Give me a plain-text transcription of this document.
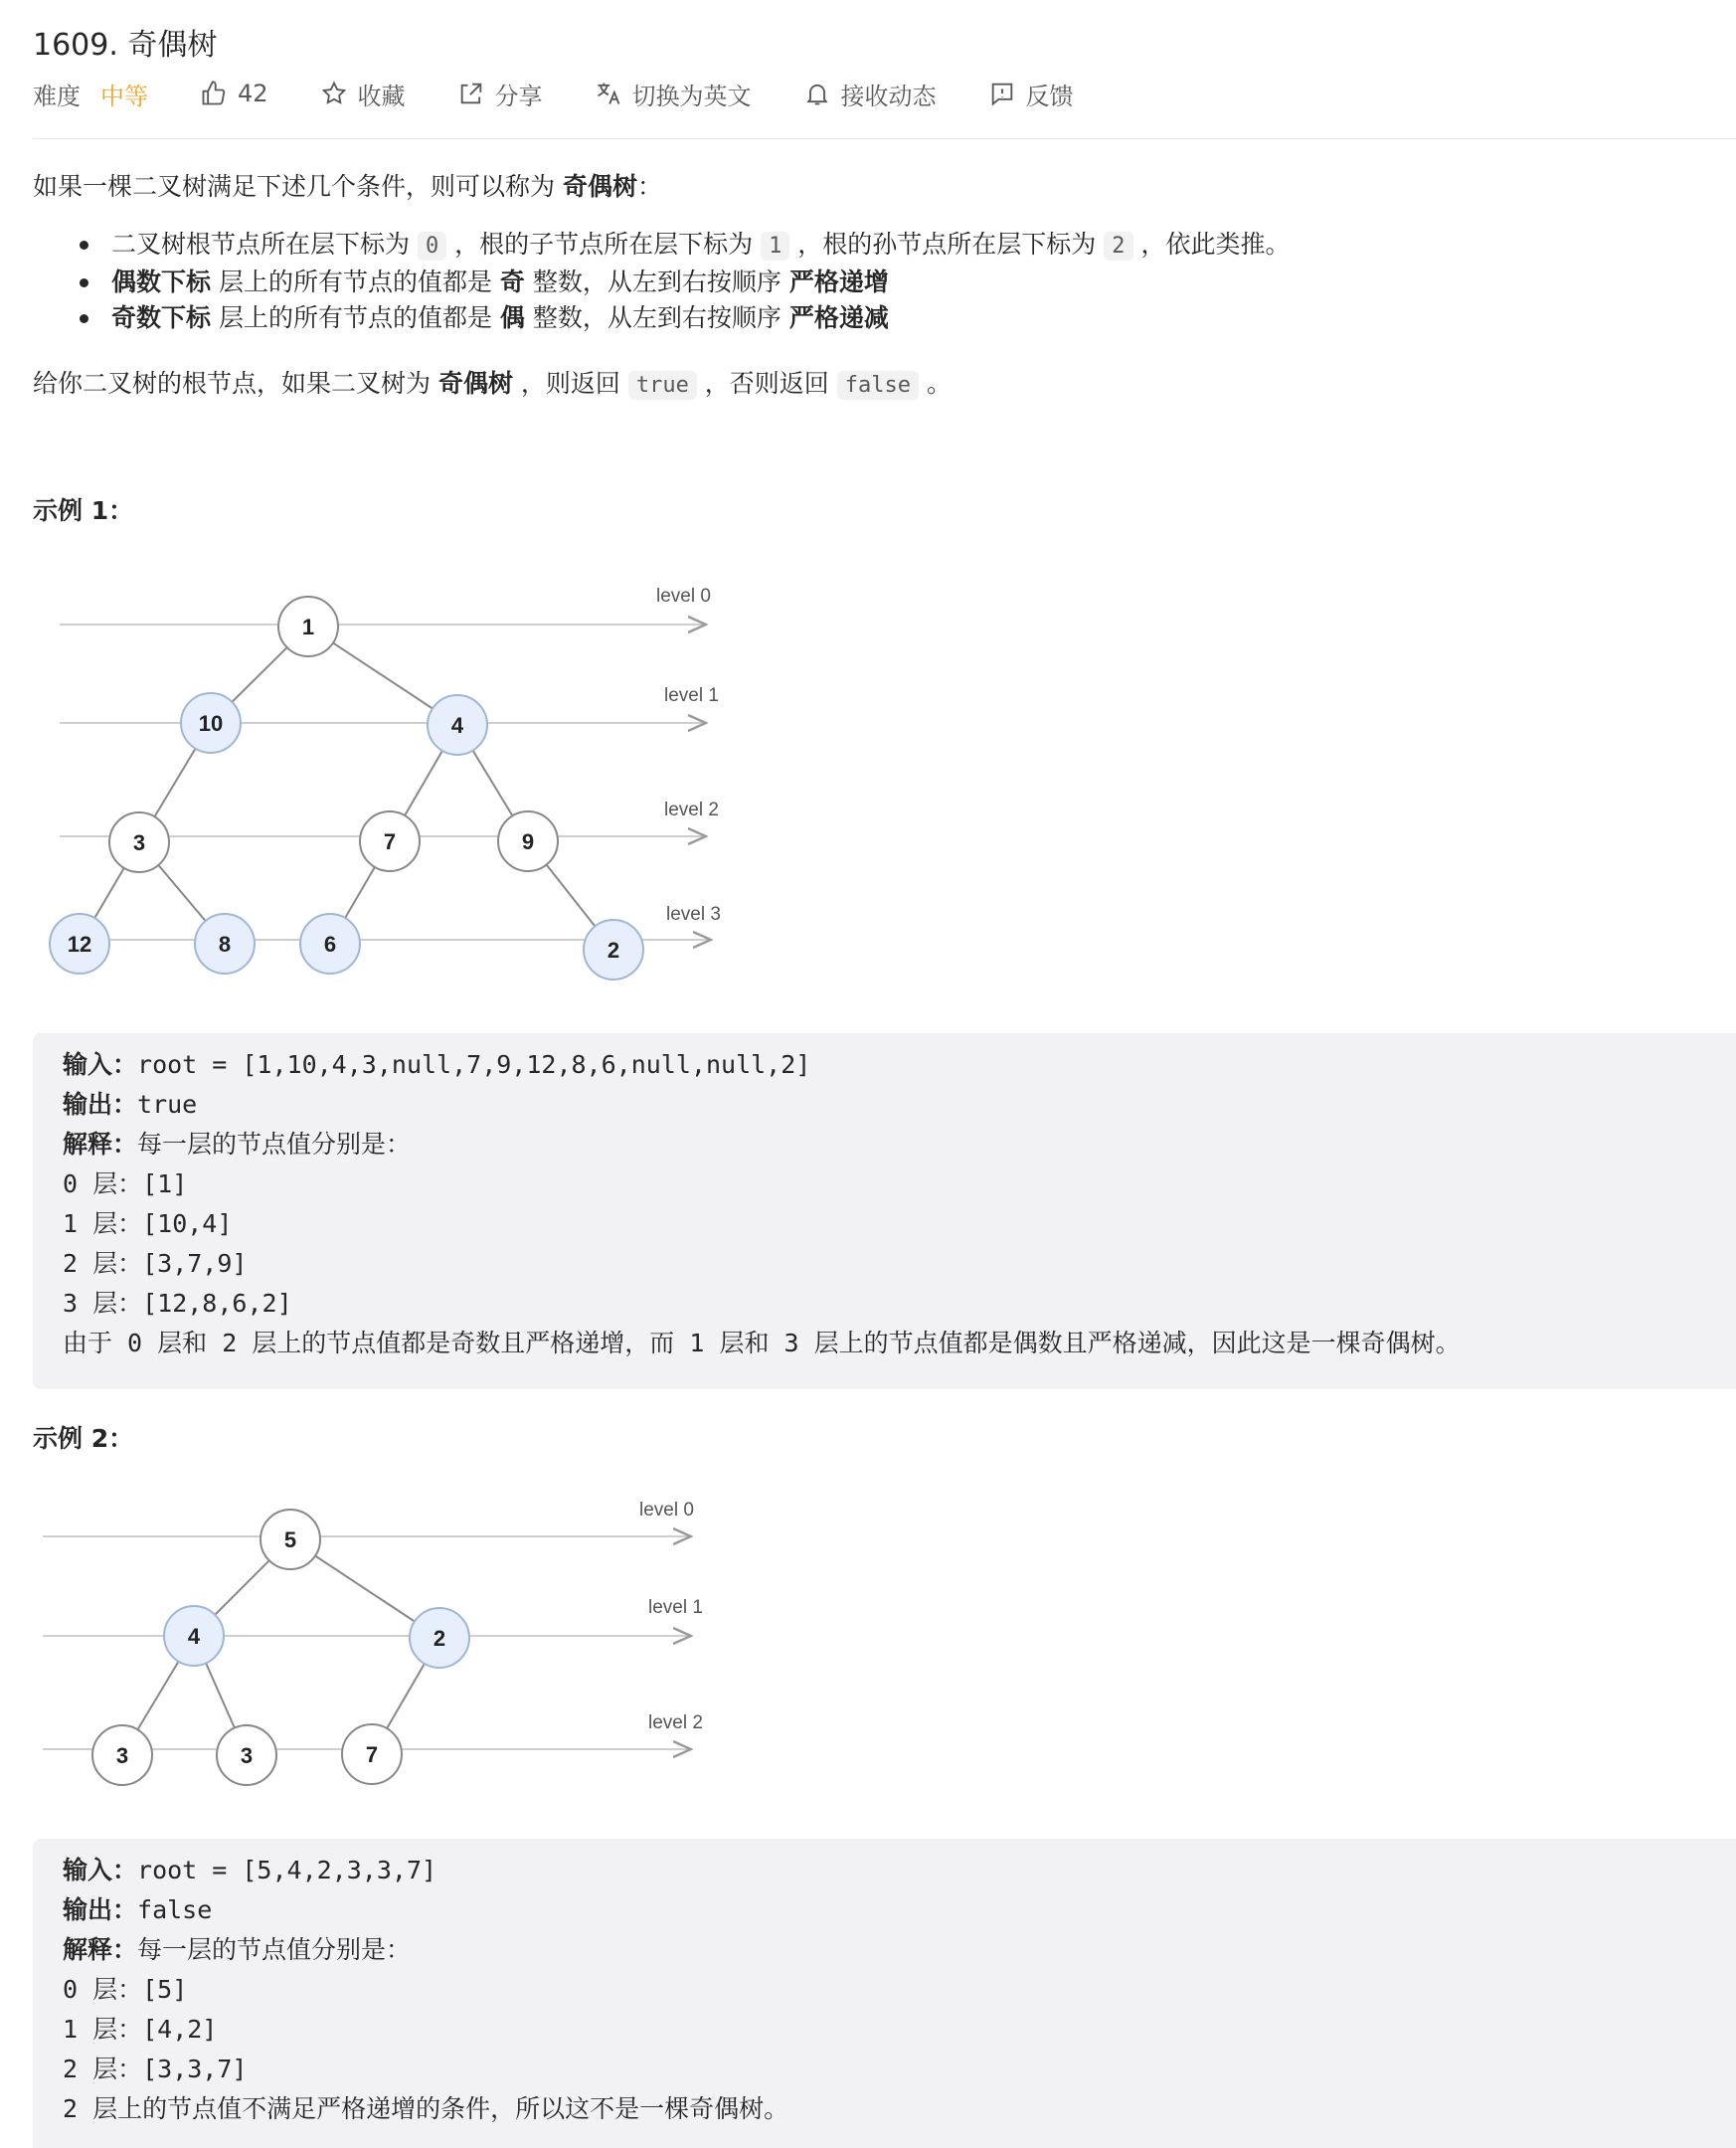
1609. 奇偶树
难度 中等	42	收藏	分享	切换为英文	接收动态	反馈
如果一棵二叉树满足下述几个条件，则可以称为 奇偶树：
二叉树根节点所在层下标为 0 ，根的子节点所在层下标为 1 ，根的孙节点所在层下标为 2 ，依此类推。
偶数下标 层上的所有节点的值都是 奇 整数，从左到右按顺序 严格递增
奇数下标 层上的所有节点的值都是 偶 整数，从左到右按顺序 严格递减
给你二叉树的根节点，如果二叉树为 奇偶树 ，则返回 true ，否则返回 false 。
示例 1：
level 0
level 1
level 2
level 3
1
10	4
3	7	9
12	8	6	2
输入：root = [1,10,4,3,null,7,9,12,8,6,null,null,2]
输出：true
解释：每一层的节点值分别是：
0 层：[1]
1 层：[10,4]
2 层：[3,7,9]
3 层：[12,8,6,2]
由于 0 层和 2 层上的节点值都是奇数且严格递增，而 1 层和 3 层上的节点值都是偶数且严格递减，因此这是一棵奇偶树。
示例 2：
level 0
level 1
level 2
5
4	2
3	3	7
输入：root = [5,4,2,3,3,7]
输出：false
解释：每一层的节点值分别是：
0 层：[5]
1 层：[4,2]
2 层：[3,3,7]
2 层上的节点值不满足严格递增的条件，所以这不是一棵奇偶树。
